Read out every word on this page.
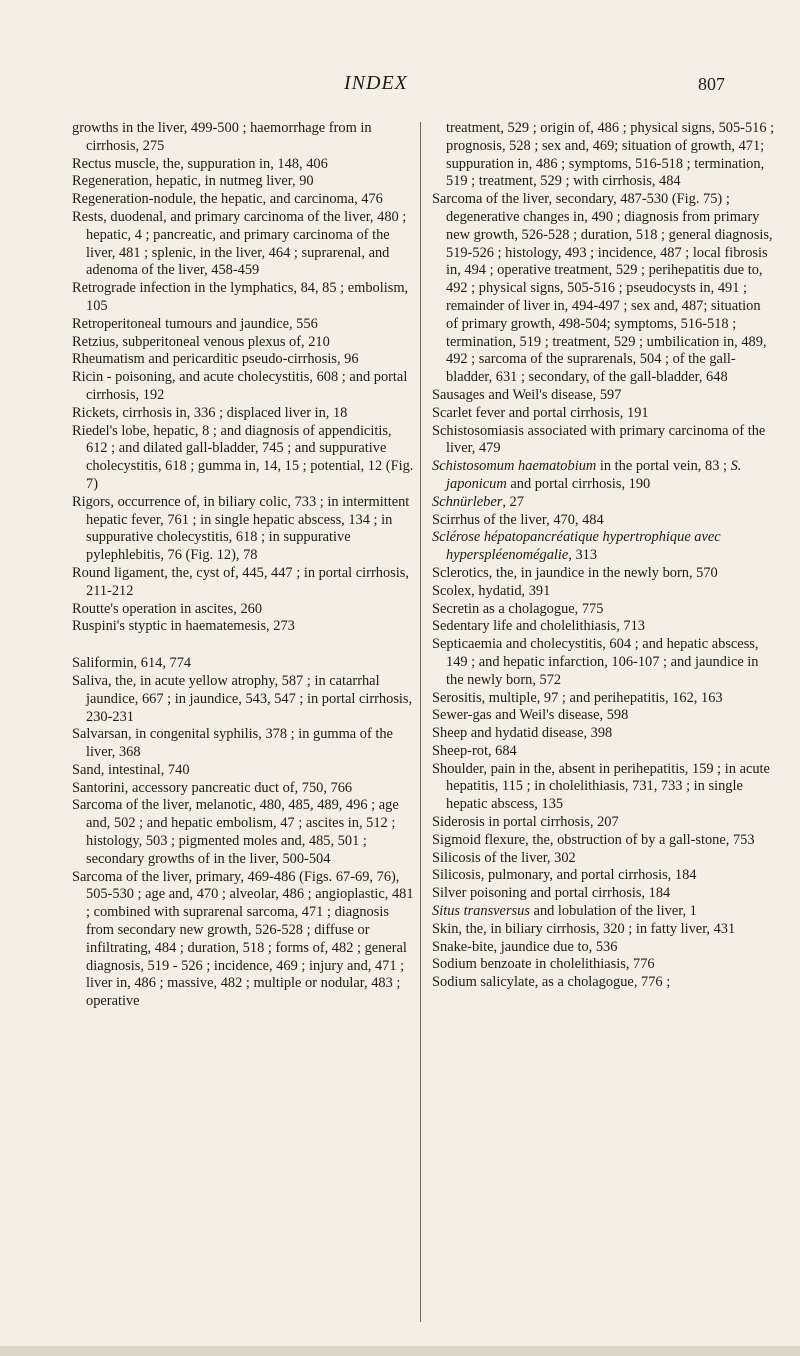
INDEX	807

growths in the liver, 499-500 ; haemorrhage from in cirrhosis, 275

Rectus muscle, the, suppuration in, 148, 406

Regeneration, hepatic, in nutmeg liver, 90

Regeneration-nodule, the hepatic, and carcinoma, 476

Rests, duodenal, and primary carcinoma of the liver, 480 ; hepatic, 4 ; pancreatic, and primary carcinoma of the liver, 481 ; splenic, in the liver, 464 ; suprarenal, and adenoma of the liver, 458-459

Retrograde infection in the lymphatics, 84, 85 ; embolism, 105

Retroperitoneal tumours and jaundice, 556

Retzius, subperitoneal venous plexus of, 210

Rheumatism and pericarditic pseudo-cirrhosis, 96

Ricin - poisoning, and acute cholecystitis, 608 ; and portal cirrhosis, 192

Rickets, cirrhosis in, 336 ; displaced liver in, 18

Riedel's lobe, hepatic, 8 ; and diagnosis of appendicitis, 612 ; and dilated gall-bladder, 745 ; and suppurative cholecystitis, 618 ; gumma in, 14, 15 ; potential, 12 (Fig. 7)

Rigors, occurrence of, in biliary colic, 733 ; in intermittent hepatic fever, 761 ; in single hepatic abscess, 134 ; in suppurative cholecystitis, 618 ; in suppurative pylephlebitis, 76 (Fig. 12), 78

Round ligament, the, cyst of, 445, 447 ; in portal cirrhosis, 211-212

Routte's operation in ascites, 260

Ruspini's styptic in haematemesis, 273

Saliformin, 614, 774

Saliva, the, in acute yellow atrophy, 587 ; in catarrhal jaundice, 667 ; in jaundice, 543, 547 ; in portal cirrhosis, 230-231

Salvarsan, in congenital syphilis, 378 ; in gumma of the liver, 368

Sand, intestinal, 740

Santorini, accessory pancreatic duct of, 750, 766

Sarcoma of the liver, melanotic, 480, 485, 489, 496 ; age and, 502 ; and hepatic embolism, 47 ; ascites in, 512 ; histology, 503 ; pigmented moles and, 485, 501 ; secondary growths of in the liver, 500-504

Sarcoma of the liver, primary, 469-486 (Figs. 67-69, 76), 505-530 ; age and, 470 ; alveolar, 486 ; angioplastic, 481 ; combined with suprarenal sarcoma, 471 ; diagnosis from secondary new growth, 526-528 ; diffuse or infiltrating, 484 ; duration, 518 ; forms of, 482 ; general diagnosis, 519 - 526 ; incidence, 469 ; injury and, 471 ; liver in, 486 ; massive, 482 ; multiple or nodular, 483 ; operative

treatment, 529 ; origin of, 486 ; physical signs, 505-516 ; prognosis, 528 ; sex and, 469; situation of growth, 471; suppuration in, 486 ; symptoms, 516-518 ; termination, 519 ; treatment, 529 ; with cirrhosis, 484

Sarcoma of the liver, secondary, 487-530 (Fig. 75) ; degenerative changes in, 490 ; diagnosis from primary new growth, 526-528 ; duration, 518 ; general diagnosis, 519-526 ; histology, 493 ; incidence, 487 ; local fibrosis in, 494 ; operative treatment, 529 ; perihepatitis due to, 492 ; physical signs, 505-516 ; pseudocysts in, 491 ; remainder of liver in, 494-497 ; sex and, 487; situation of primary growth, 498-504; symptoms, 516-518 ; termination, 519 ; treatment, 529 ; umbilication in, 489, 492 ; sarcoma of the suprarenals, 504 ; of the gall-bladder, 631 ; secondary, of the gall-bladder, 648

Sausages and Weil's disease, 597

Scarlet fever and portal cirrhosis, 191

Schistosomiasis associated with primary carcinoma of the liver, 479

Schistosomum haematobium in the portal vein, 83 ; S. japonicum and portal cirrhosis, 190

Schnürleber, 27

Scirrhus of the liver, 470, 484

Sclérose hépatopancréatique hypertrophique avec hyperspléenomégalie, 313

Sclerotics, the, in jaundice in the newly born, 570

Scolex, hydatid, 391

Secretin as a cholagogue, 775

Sedentary life and cholelithiasis, 713

Septicaemia and cholecystitis, 604 ; and hepatic abscess, 149 ; and hepatic infarction, 106-107 ; and jaundice in the newly born, 572

Serositis, multiple, 97 ; and perihepatitis, 162, 163

Sewer-gas and Weil's disease, 598

Sheep and hydatid disease, 398

Sheep-rot, 684

Shoulder, pain in the, absent in perihepatitis, 159 ; in acute hepatitis, 115 ; in cholelithiasis, 731, 733 ; in single hepatic abscess, 135

Siderosis in portal cirrhosis, 207

Sigmoid flexure, the, obstruction of by a gall-stone, 753

Silicosis of the liver, 302

Silicosis, pulmonary, and portal cirrhosis, 184

Silver poisoning and portal cirrhosis, 184

Situs transversus and lobulation of the liver, 1

Skin, the, in biliary cirrhosis, 320 ; in fatty liver, 431

Snake-bite, jaundice due to, 536

Sodium benzoate in cholelithiasis, 776

Sodium salicylate, as a cholagogue, 776 ;
